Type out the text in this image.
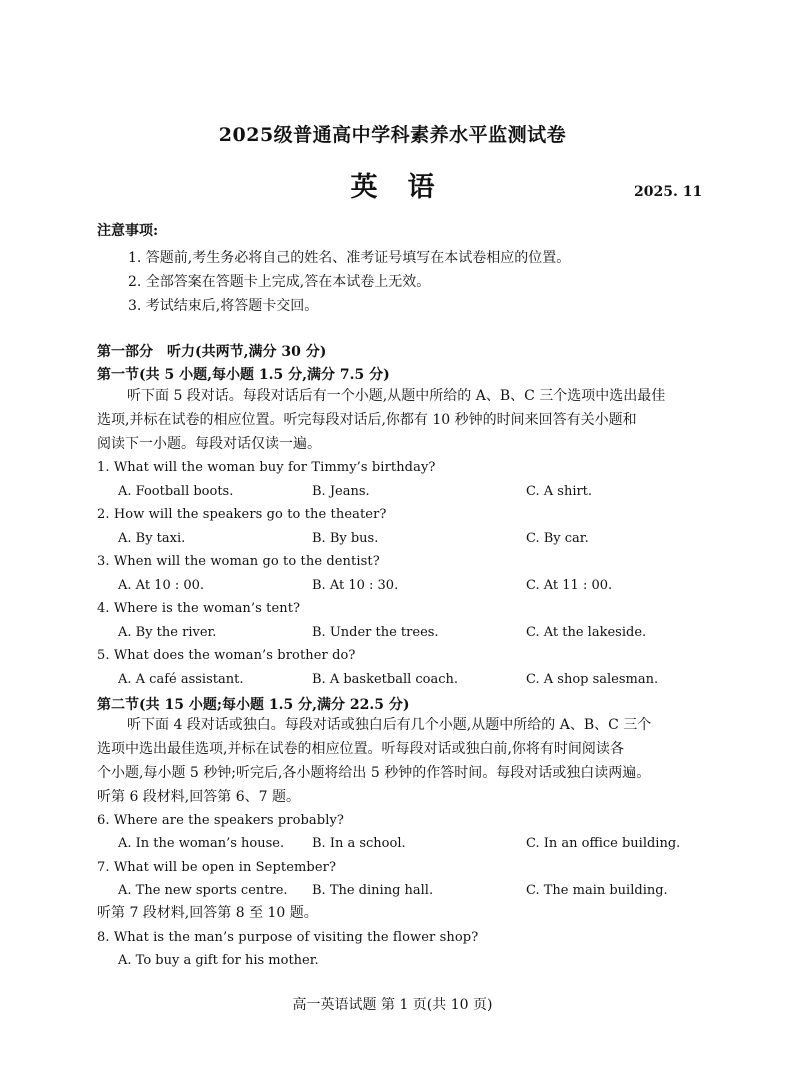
2025级普通高中学科素养水平监测试卷
英语	2025. 11
注意事项:
1. 答题前,考生务必将自己的姓名、准考证号填写在本试卷相应的位置。
2. 全部答案在答题卡上完成,答在本试卷上无效。
3. 考试结束后,将答题卡交回。
第一部分　听力(共两节,满分 30 分)
第一节(共 5 小题,每小题 1.5 分,满分 7.5 分)
听下面 5 段对话。每段对话后有一个小题,从题中所给的 A、B、C 三个选项中选出最佳
选项,并标在试卷的相应位置。听完每段对话后,你都有 10 秒钟的时间来回答有关小题和
阅读下一小题。每段对话仅读一遍。
1. What will the woman buy for Timmy’s birthday?
A. Football boots.	B. Jeans.	C. A shirt.
2. How will the speakers go to the theater?
A. By taxi.	B. By bus.	C. By car.
3. When will the woman go to the dentist?
A. At 10 : 00.	B. At 10 : 30.	C. At 11 : 00.
4. Where is the woman’s tent?
A. By the river.	B. Under the trees.	C. At the lakeside.
5. What does the woman’s brother do?
A. A café assistant.	B. A basketball coach.	C. A shop salesman.
第二节(共 15 小题;每小题 1.5 分,满分 22.5 分)
听下面 4 段对话或独白。每段对话或独白后有几个小题,从题中所给的 A、B、C 三个
选项中选出最佳选项,并标在试卷的相应位置。听每段对话或独白前,你将有时间阅读各
个小题,每小题 5 秒钟;听完后,各小题将给出 5 秒钟的作答时间。每段对话或独白读两遍。
听第 6 段材料,回答第 6、7 题。
6. Where are the speakers probably?
A. In the woman’s house. B. In a school.	C. In an office building.
7. What will be open in September?
A. The new sports centre. B. The dining hall.	C. The main building.
听第 7 段材料,回答第 8 至 10 题。
8. What is the man’s purpose of visiting the flower shop?
A. To buy a gift for his mother.
高一英语试题 第 1 页(共 10 页)
